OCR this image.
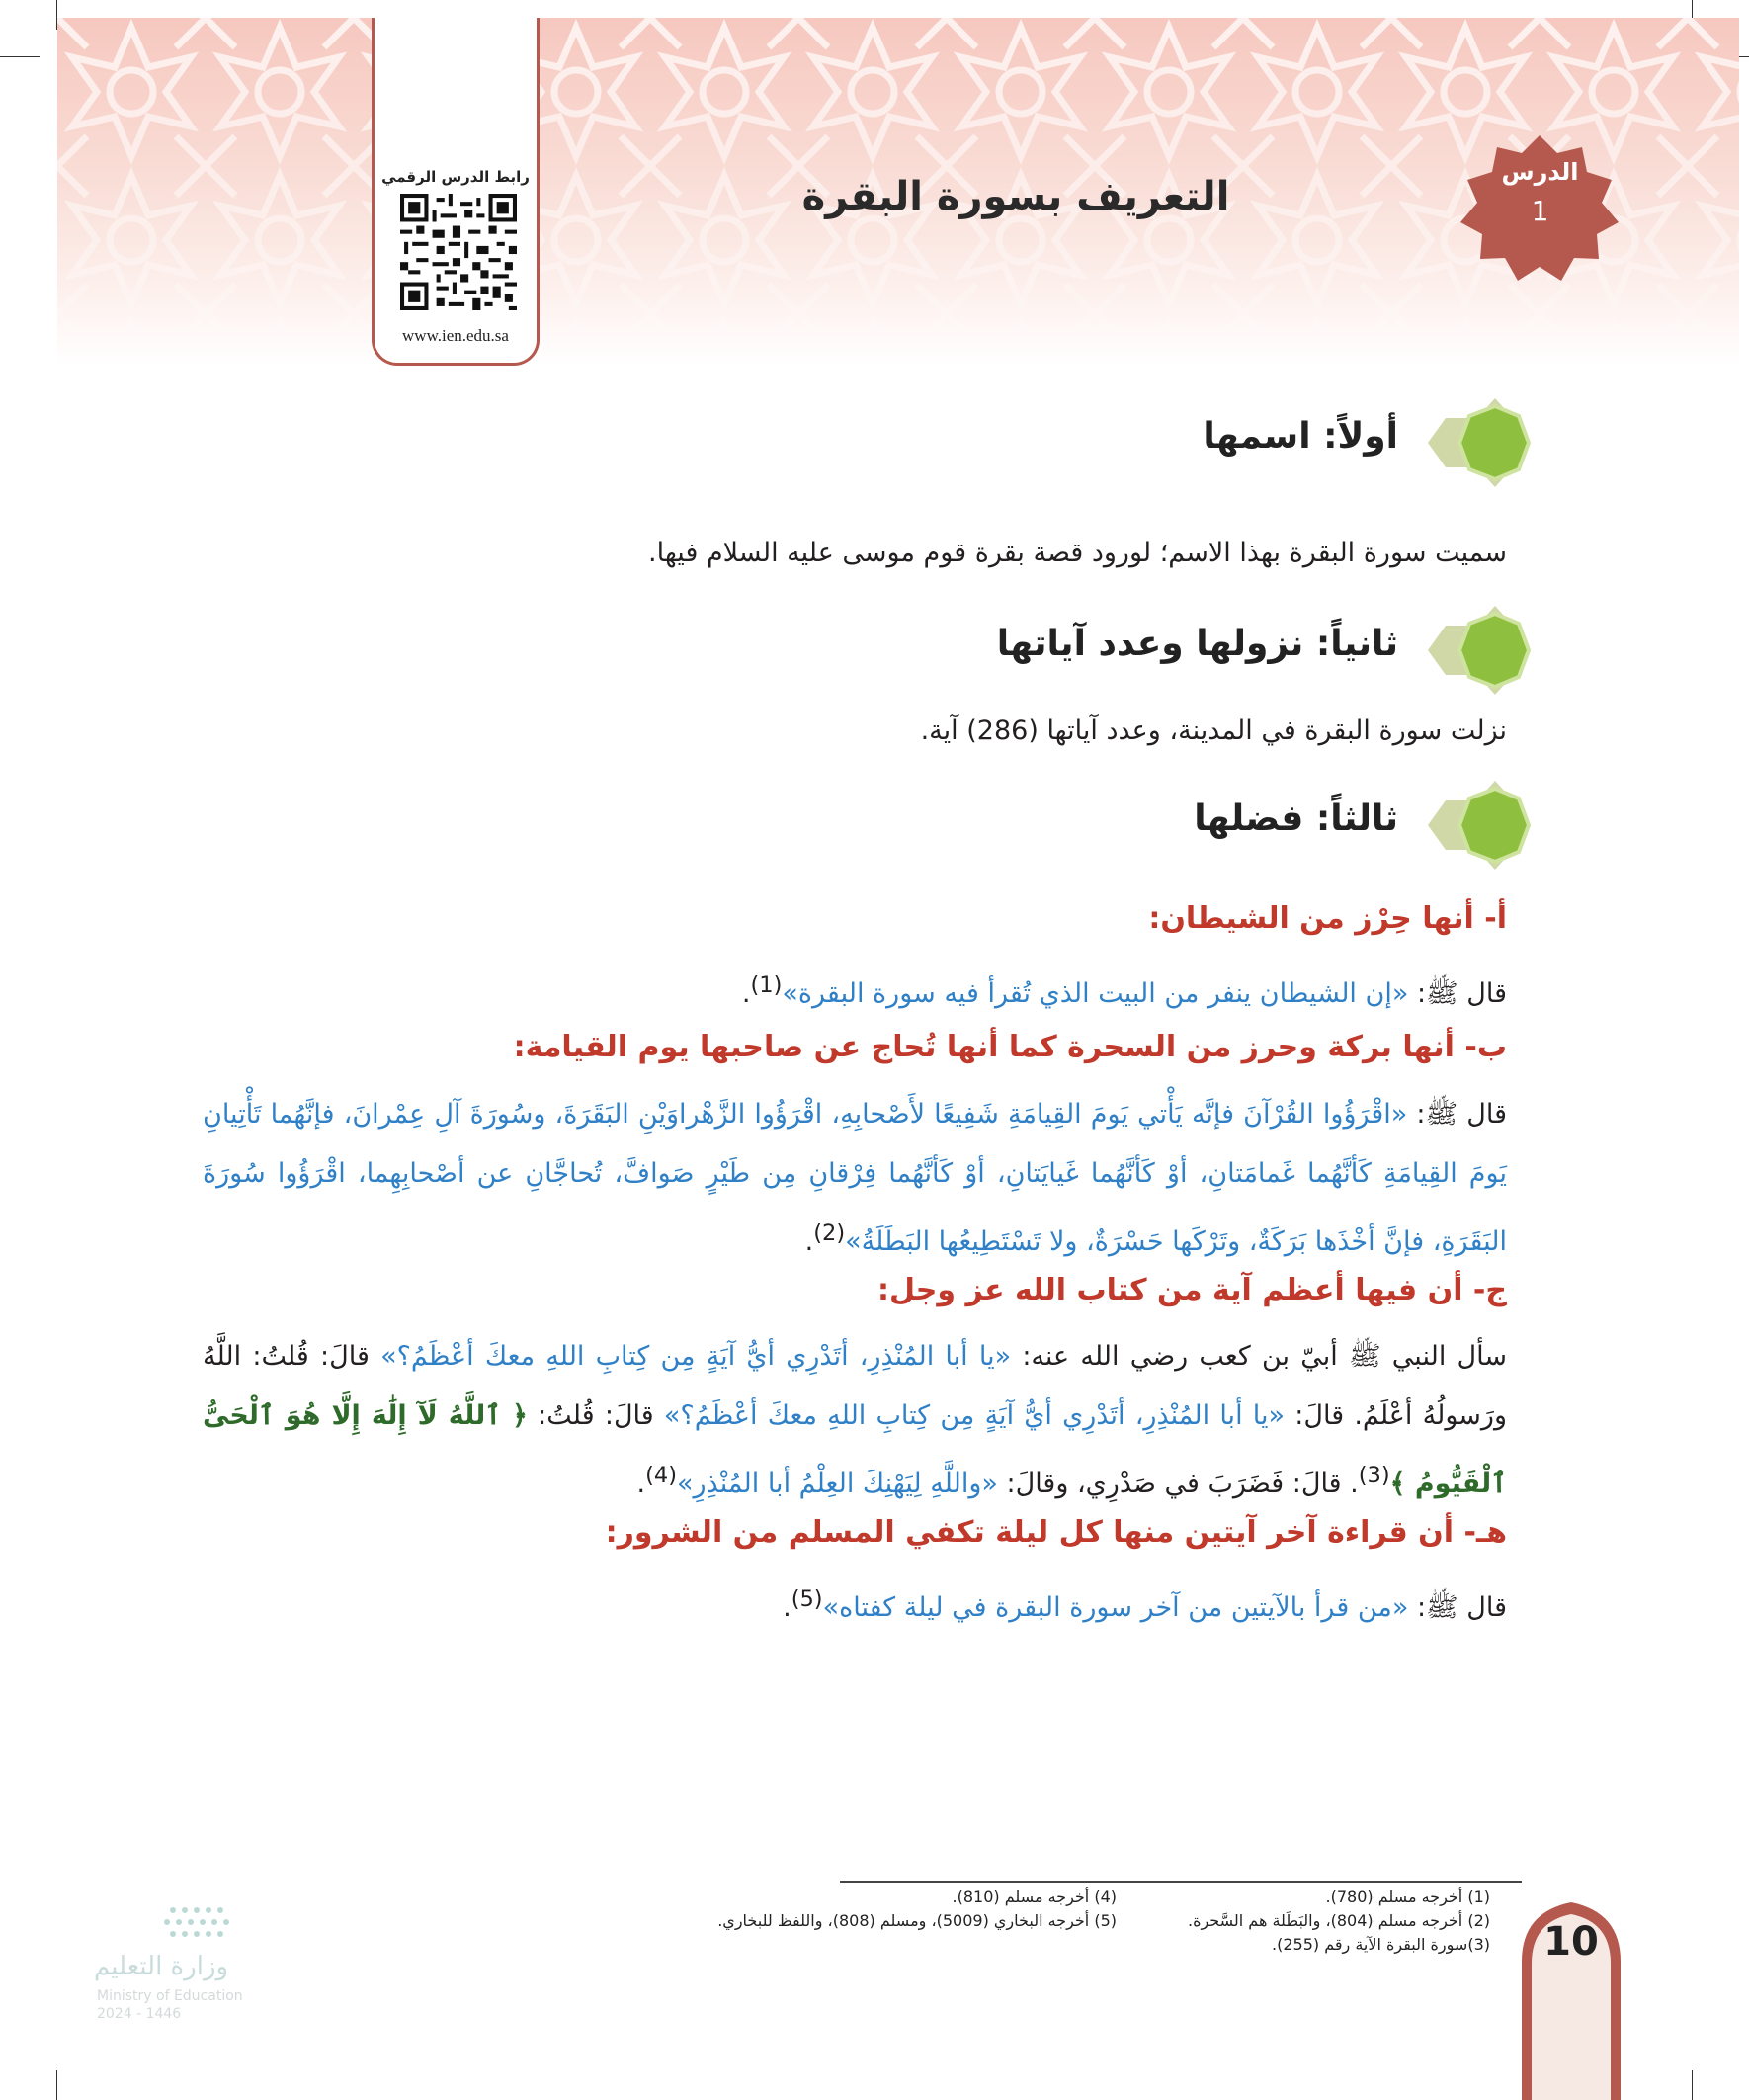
رابط الدرس الرقمي
www.ien.edu.sa
التعريف بسورة البقرة
الدرس
1
أولاً: اسمها
سميت سورة البقرة بهذا الاسم؛ لورود قصة بقرة قوم موسى عليه السلام فيها.
ثانياً: نزولها وعدد آياتها
نزلت سورة البقرة في المدينة، وعدد آياتها (286) آية.
ثالثاً: فضلها
أ- أنها حِرْز من الشيطان:
قال ﷺ: «إن الشيطان ينفر من البيت الذي تُقرأ فيه سورة البقرة»$^{(1)}$.
ب- أنها بركة وحرز من السحرة كما أنها تُحاج عن صاحبها يوم القيامة:
قال ﷺ: «اقْرَؤُوا القُرْآنَ فإنَّه يَأْتي يَومَ القِيامَةِ شَفِيعًا لأَصْحابِهِ، اقْرَؤُوا الزَّهْراوَيْنِ البَقَرَةَ، وسُورَةَ آلِ عِمْرانَ، فإنَّهُما تَأْتِيانِ يَومَ القِيامَةِ كَأنَّهُما غَمامَتانِ، أوْ كَأنَّهُما غَيايَتانِ، أوْ كَأنَّهُما فِرْقانِ مِن طَيْرٍ صَوافَّ، تُحاجَّانِ عن أصْحابِهِما، اقْرَؤُوا سُورَةَ البَقَرَةِ، فإنَّ أخْذَها بَرَكَةٌ، وتَرْكَها حَسْرَةٌ، ولا تَسْتَطِيعُها البَطَلَةُ»$^{(2)}$.
ج- أن فيها أعظم آية من كتاب الله عز وجل:
سأل النبي ﷺ أبيّ بن كعب رضي الله عنه: «يا أبا المُنْذِرِ، أتَدْرِي أيُّ آيَةٍ مِن كِتابِ اللهِ معكَ أعْظَمُ؟» قالَ: قُلتُ: اللَّهُ ورَسولُهُ أعْلَمُ. قالَ: «يا أبا المُنْذِرِ، أتَدْرِي أيُّ آيَةٍ مِن كِتابِ اللهِ معكَ أعْظَمُ؟» قالَ: قُلتُ: ﴿ ٱللَّهُ لَآ إِلَٰهَ إِلَّا هُوَ ٱلْحَىُّ ٱلْقَيُّومُ ﴾$^{(3)}$. قالَ: فَضَرَبَ في صَدْرِي، وقالَ: «واللَّهِ لِيَهْنِكَ العِلْمُ أبا المُنْذِرِ»$^{(4)}$.
هـ- أن قراءة آخر آيتين منها كل ليلة تكفي المسلم من الشرور:
قال ﷺ: «من قرأ بالآيتين من آخر سورة البقرة في ليلة كفتاه»$^{(5)}$.
(1) أخرجه مسلم (780).
(2) أخرجه مسلم (804)، والبَطَلة هم السَّحرة.
(3)سورة البقرة الآية رقم (255).
(4) أخرجه مسلم (810).
(5) أخرجه البخاري (5009)، ومسلم (808)، واللفظ للبخاري.	10
وزارة التعليم
Ministry of Education
2024 - 1446
